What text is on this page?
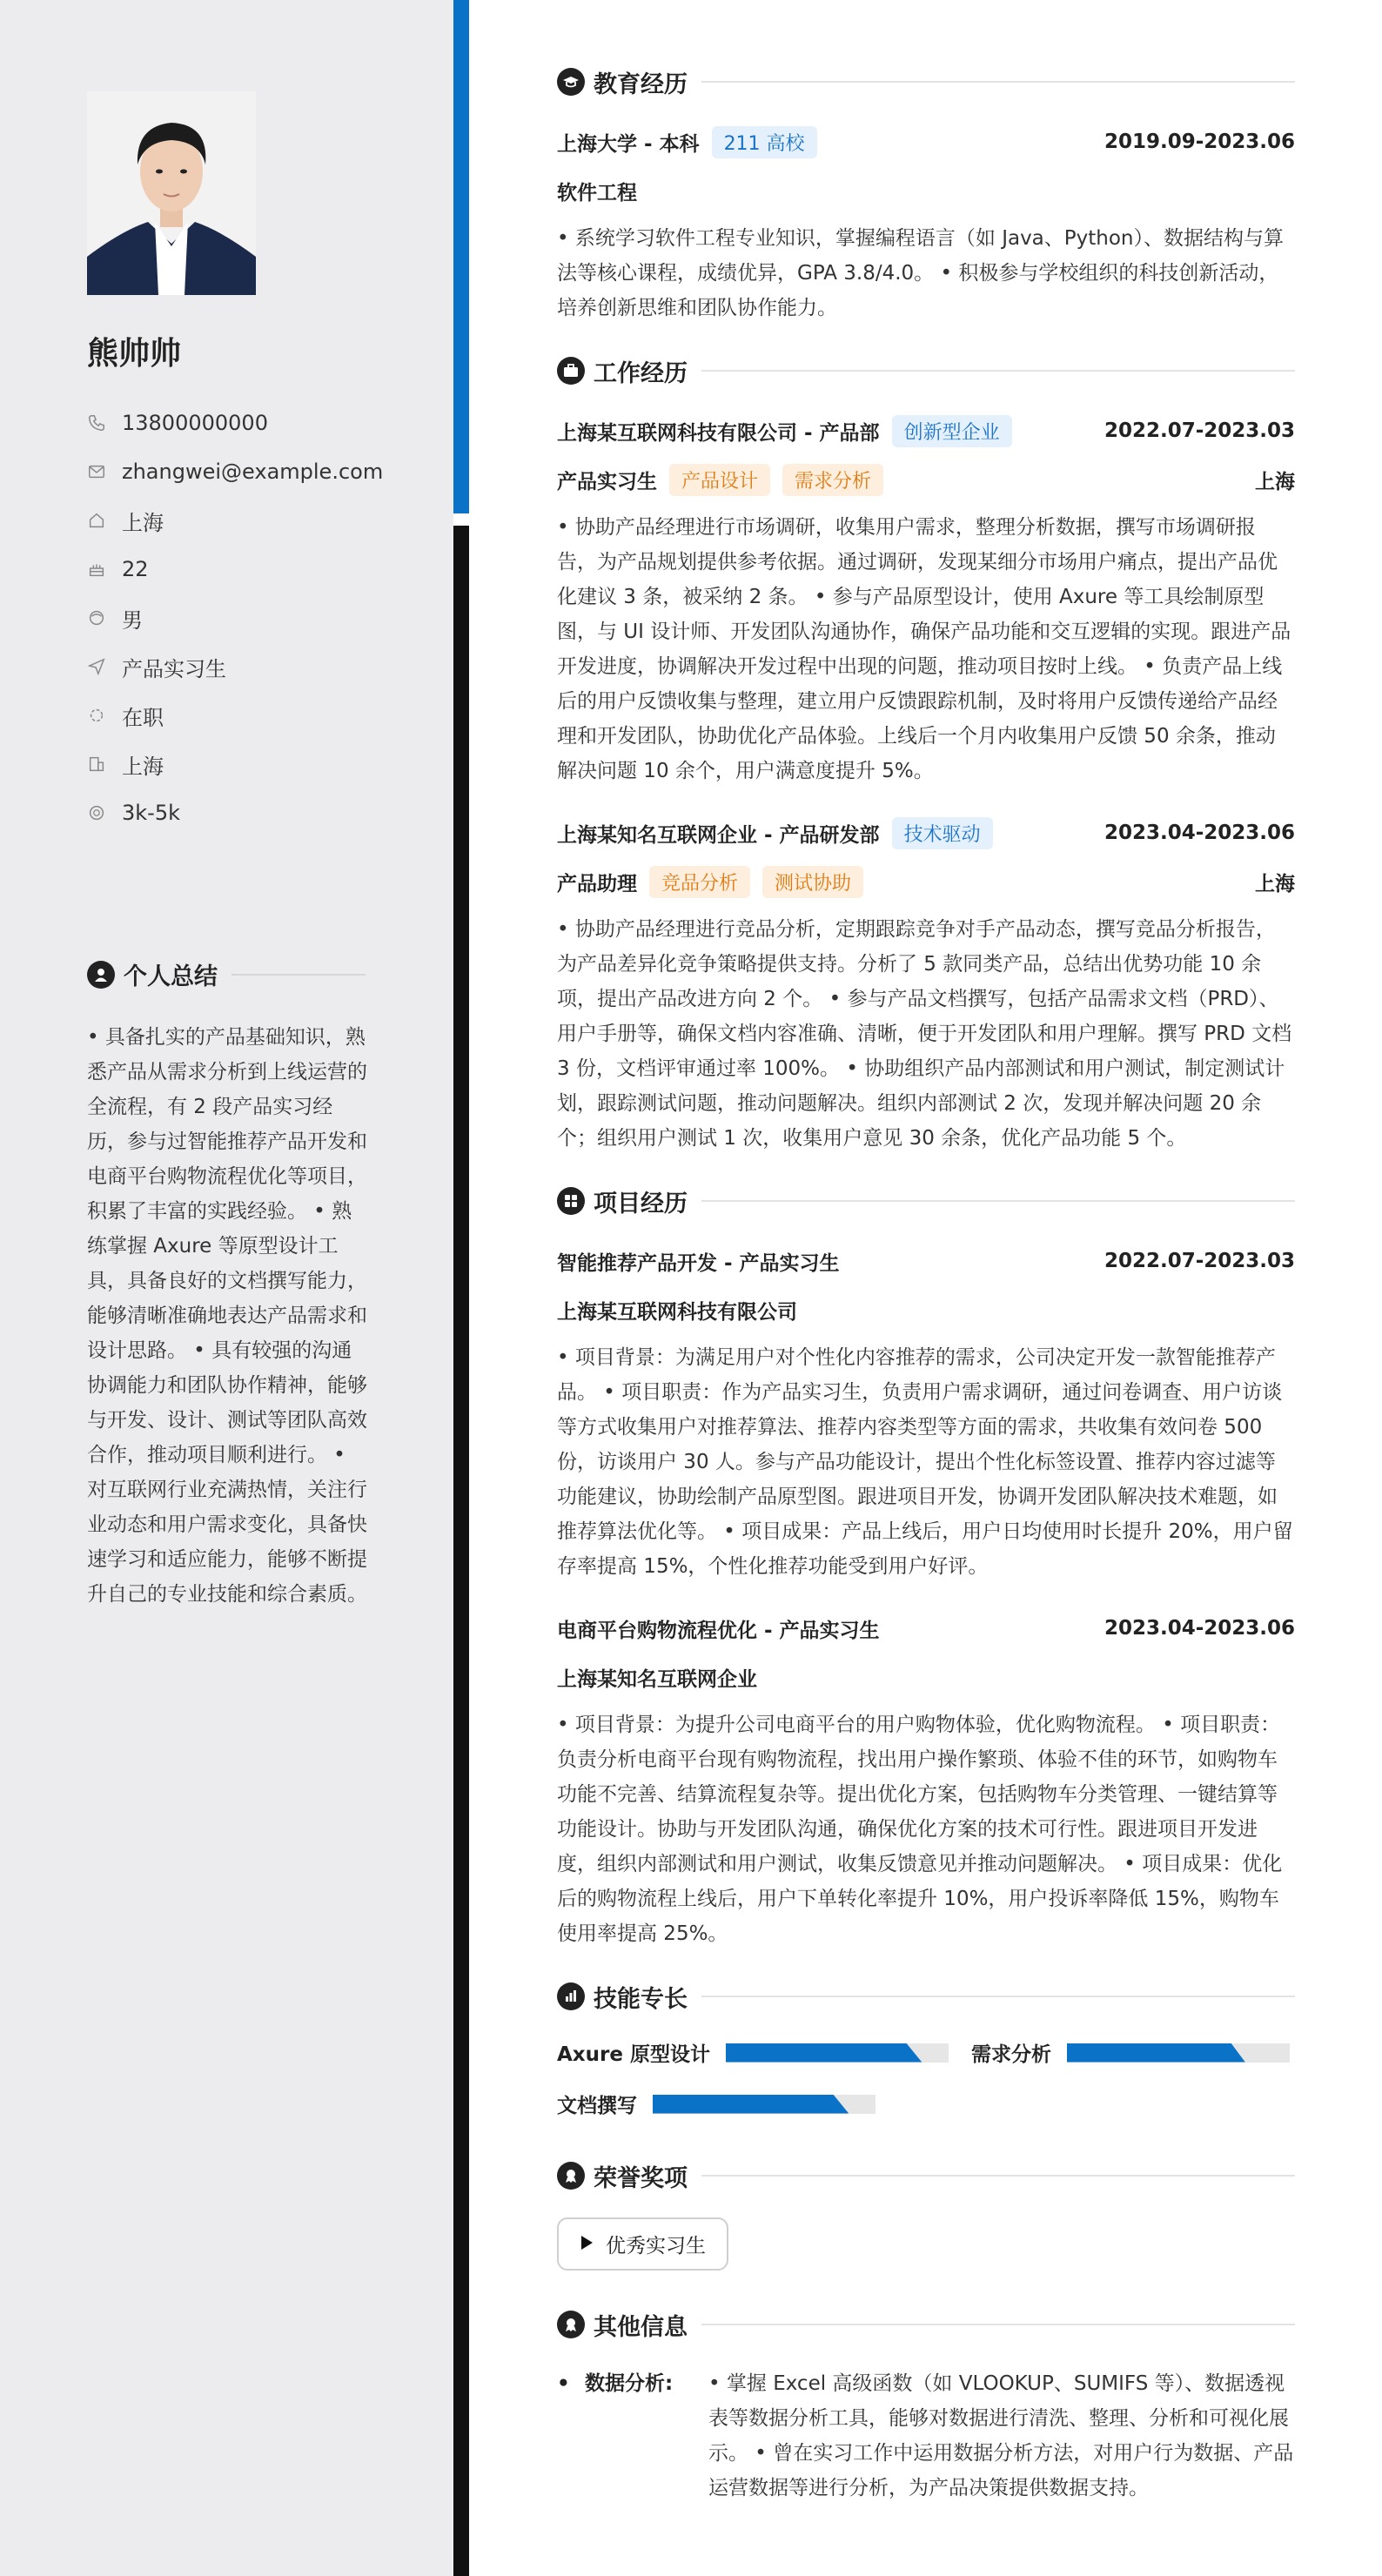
熊帅帅
13800000000
zhangwei@example.com
上海
22
男
产品实习生
在职
上海
3k-5k
个人总结
• 具备扎实的产品基础知识，熟悉产品从需求分析到上线运营的全流程，有 2 段产品实习经历，参与过智能推荐产品开发和电商平台购物流程优化等项目，积累了丰富的实践经验。 • 熟练掌握 Axure 等原型设计工具，具备良好的文档撰写能力，能够清晰准确地表达产品需求和设计思路。 • 具有较强的沟通协调能力和团队协作精神，能够与开发、设计、测试等团队高效合作，推动项目顺利进行。 • 对互联网行业充满热情，关注行业动态和用户需求变化，具备快速学习和适应能力，能够不断提升自己的专业技能和综合素质。
教育经历
上海大学 - 本科	211 高校	2019.09-2023.06
软件工程
• 系统学习软件工程专业知识，掌握编程语言（如 Java、Python）、数据结构与算法等核心课程，成绩优异，GPA 3.8/4.0。 • 积极参与学校组织的科技创新活动，培养创新思维和团队协作能力。
工作经历
上海某互联网科技有限公司 - 产品部	创新型企业	2022.07-2023.03
产品实习生	产品设计	需求分析	上海
• 协助产品经理进行市场调研，收集用户需求，整理分析数据，撰写市场调研报告，为产品规划提供参考依据。通过调研，发现某细分市场用户痛点，提出产品优化建议 3 条，被采纳 2 条。 • 参与产品原型设计，使用 Axure 等工具绘制原型图，与 UI 设计师、开发团队沟通协作，确保产品功能和交互逻辑的实现。跟进产品开发进度，协调解决开发过程中出现的问题，推动项目按时上线。 • 负责产品上线后的用户反馈收集与整理，建立用户反馈跟踪机制，及时将用户反馈传递给产品经理和开发团队，协助优化产品体验。上线后一个月内收集用户反馈 50 余条，推动解决问题 10 余个，用户满意度提升 5%。
上海某知名互联网企业 - 产品研发部	技术驱动	2023.04-2023.06
产品助理	竞品分析	测试协助	上海
• 协助产品经理进行竞品分析，定期跟踪竞争对手产品动态，撰写竞品分析报告，为产品差异化竞争策略提供支持。分析了 5 款同类产品，总结出优势功能 10 余项，提出产品改进方向 2 个。 • 参与产品文档撰写，包括产品需求文档（PRD）、用户手册等，确保文档内容准确、清晰，便于开发团队和用户理解。撰写 PRD 文档 3 份，文档评审通过率 100%。 • 协助组织产品内部测试和用户测试，制定测试计划，跟踪测试问题，推动问题解决。组织内部测试 2 次，发现并解决问题 20 余个；组织用户测试 1 次，收集用户意见 30 余条，优化产品功能 5 个。
项目经历
智能推荐产品开发 - 产品实习生	2022.07-2023.03
上海某互联网科技有限公司
• 项目背景：为满足用户对个性化内容推荐的需求，公司决定开发一款智能推荐产品。 • 项目职责：作为产品实习生，负责用户需求调研，通过问卷调查、用户访谈等方式收集用户对推荐算法、推荐内容类型等方面的需求，共收集有效问卷 500 份，访谈用户 30 人。参与产品功能设计，提出个性化标签设置、推荐内容过滤等功能建议，协助绘制产品原型图。跟进项目开发，协调开发团队解决技术难题，如推荐算法优化等。 • 项目成果：产品上线后，用户日均使用时长提升 20%，用户留存率提高 15%，个性化推荐功能受到用户好评。
电商平台购物流程优化 - 产品实习生	2023.04-2023.06
上海某知名互联网企业
• 项目背景：为提升公司电商平台的用户购物体验，优化购物流程。 • 项目职责：负责分析电商平台现有购物流程，找出用户操作繁琐、体验不佳的环节，如购物车功能不完善、结算流程复杂等。提出优化方案，包括购物车分类管理、一键结算等功能设计。协助与开发团队沟通，确保优化方案的技术可行性。跟进项目开发进度，组织内部测试和用户测试，收集反馈意见并推动问题解决。 • 项目成果：优化后的购物流程上线后，用户下单转化率提升 10%，用户投诉率降低 15%，购物车使用率提高 25%。
技能专长
Axure 原型设计	需求分析
文档撰写
荣誉奖项
优秀实习生
其他信息
• 数据分析:	• 掌握 Excel 高级函数（如 VLOOKUP、SUMIFS 等）、数据透视表等数据分析工具，能够对数据进行清洗、整理、分析和可视化展示。 • 曾在实习工作中运用数据分析方法，对用户行为数据、产品运营数据等进行分析，为产品决策提供数据支持。
